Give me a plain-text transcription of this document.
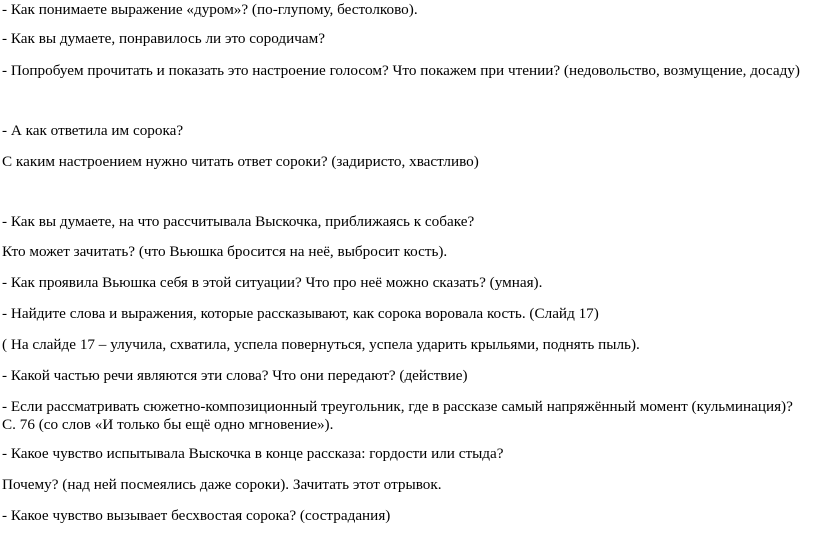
- Как понимаете выражение «дуром»? (по-глупому, бестолково).
- Как вы думаете, понравилось ли это сородичам?
- Попробуем прочитать и показать это настроение голосом? Что покажем при чтении? (недовольство, возмущение, досаду)
- А как ответила им сорока?
С каким настроением нужно читать ответ сороки? (задиристо, хвастливо)
- Как вы думаете, на что рассчитывала Выскочка, приближаясь к собаке?
Кто может зачитать? (что Вьюшка бросится на неё, выбросит кость).
- Как проявила Вьюшка себя в этой ситуации? Что про неё можно сказать? (умная).
- Найдите слова и выражения, которые рассказывают, как сорока воровала кость. (Слайд 17)
( На слайде 17 – улучила, схватила, успела повернуться, успела ударить крыльями, поднять пыль).
- Какой частью речи являются эти слова? Что они передают? (действие)
- Если рассматривать сюжетно-композиционный треугольник, где в рассказе самый напряжённый момент (кульминация)? С. 76 (со слов «И только бы ещё одно мгновение»).
- Какое чувство испытывала Выскочка в конце рассказа: гордости или стыда?
Почему? (над ней посмеялись даже сороки). Зачитать этот отрывок.
- Какое чувство вызывает бесхвостая сорока? (сострадания)
